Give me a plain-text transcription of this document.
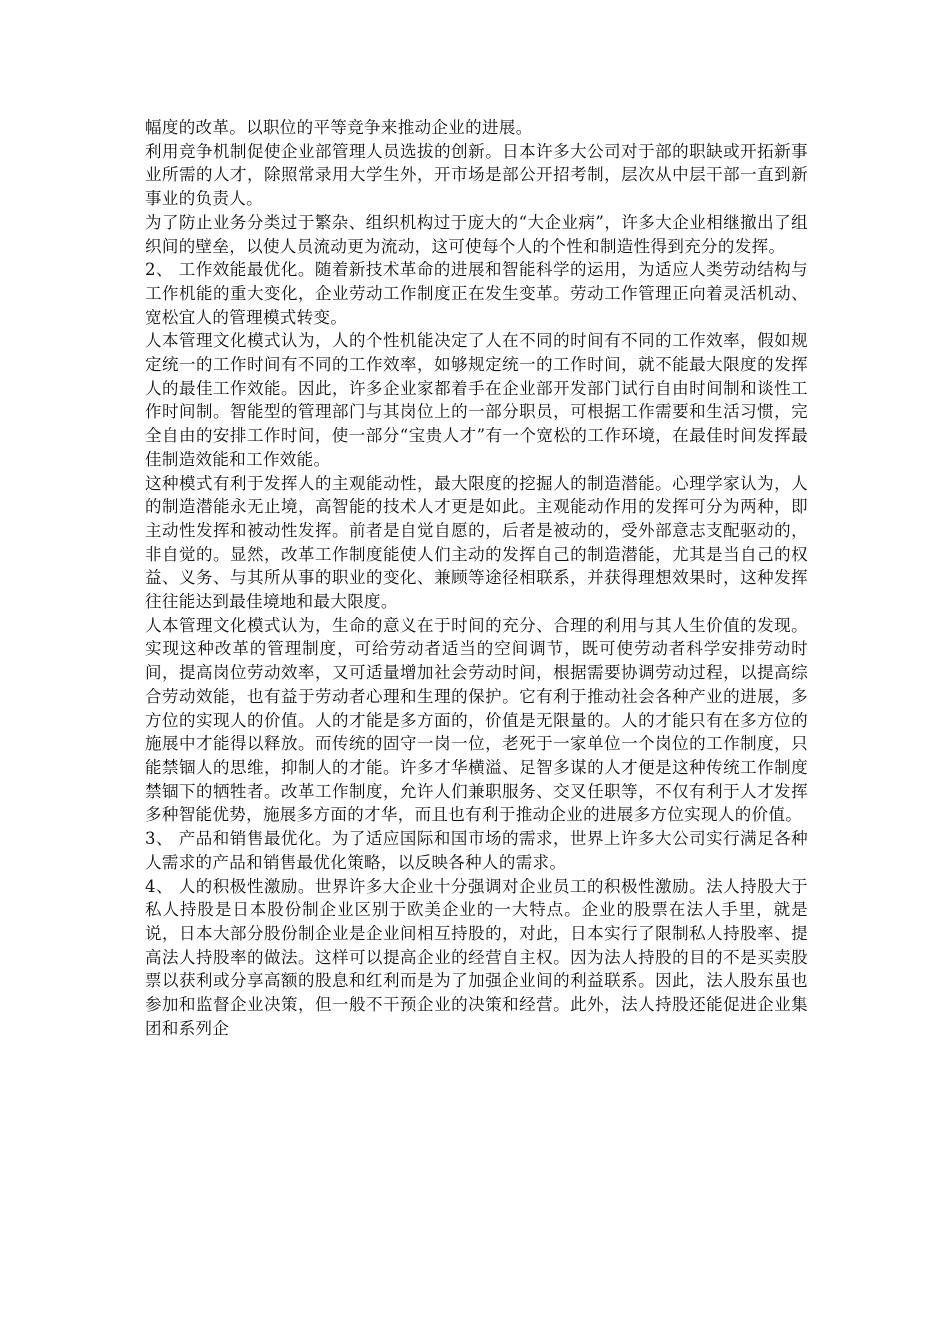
幅度的改革。以职位的平等竞争来推动企业的进展。

利用竞争机制促使企业部管理人员选拔的创新。日本许多大公司对于部的职缺或开拓新事业所需的人才，除照常录用大学生外，开市场是部公开招考制，层次从中层干部一直到新事业的负责人。

为了防止业务分类过于繁杂、组织机构过于庞大的“大企业病”，许多大企业相继撤出了组织间的壁垒，以使人员流动更为流动，这可使每个人的个性和制造性得到充分的发挥。

2、 工作效能最优化。随着新技术革命的进展和智能科学的运用，为适应人类劳动结构与工作机能的重大变化，企业劳动工作制度正在发生变革。劳动工作管理正向着灵活机动、宽松宜人的管理模式转变。

人本管理文化模式认为，人的个性机能决定了人在不同的时间有不同的工作效率，假如规定统一的工作时间有不同的工作效率，如够规定统一的工作时间，就不能最大限度的发挥人的最佳工作效能。因此，许多企业家都着手在企业部开发部门试行自由时间制和谈性工作时间制。智能型的管理部门与其岗位上的一部分职员，可根据工作需要和生活习惯，完全自由的安排工作时间，使一部分“宝贵人才”有一个宽松的工作环境，在最佳时间发挥最佳制造效能和工作效能。

这种模式有利于发挥人的主观能动性，最大限度的挖掘人的制造潜能。心理学家认为，人的制造潜能永无止境，高智能的技术人才更是如此。主观能动作用的发挥可分为两种，即主动性发挥和被动性发挥。前者是自觉自愿的，后者是被动的，受外部意志支配驱动的，非自觉的。显然，改革工作制度能使人们主动的发挥自己的制造潜能，尤其是当自己的权益、义务、与其所从事的职业的变化、兼顾等途径相联系，并获得理想效果时，这种发挥往往能达到最佳境地和最大限度。

人本管理文化模式认为，生命的意义在于时间的充分、合理的利用与其人生价值的发现。实现这种改革的管理制度，可给劳动者适当的空间调节，既可使劳动者科学安排劳动时间，提高岗位劳动效率，又可适量增加社会劳动时间，根据需要协调劳动过程，以提高综合劳动效能，也有益于劳动者心理和生理的保护。它有利于推动社会各种产业的进展，多方位的实现人的价值。人的才能是多方面的，价值是无限量的。人的才能只有在多方位的施展中才能得以释放。而传统的固守一岗一位，老死于一家单位一个岗位的工作制度，只能禁锢人的思维，抑制人的才能。许多才华横溢、足智多谋的人才便是这种传统工作制度禁锢下的牺牲者。改革工作制度，允许人们兼职服务、交叉任职等，不仅有利于人才发挥多种智能优势，施展多方面的才华，而且也有利于推动企业的进展多方位实现人的价值。

3、 产品和销售最优化。为了适应国际和国市场的需求，世界上许多大公司实行满足各种人需求的产品和销售最优化策略，以反映各种人的需求。

4、 人的积极性激励。世界许多大企业十分强调对企业员工的积极性激励。法人持股大于私人持股是日本股份制企业区别于欧美企业的一大特点。企业的股票在法人手里，就是说，日本大部分股份制企业是企业间相互持股的，对此，日本实行了限制私人持股率、提高法人持股率的做法。这样可以提高企业的经营自主权。因为法人持股的目的不是买卖股票以获利或分享高额的股息和红利而是为了加强企业间的利益联系。因此，法人股东虽也参加和监督企业决策，但一般不干预企业的决策和经营。此外，法人持股还能促进企业集团和系列企
